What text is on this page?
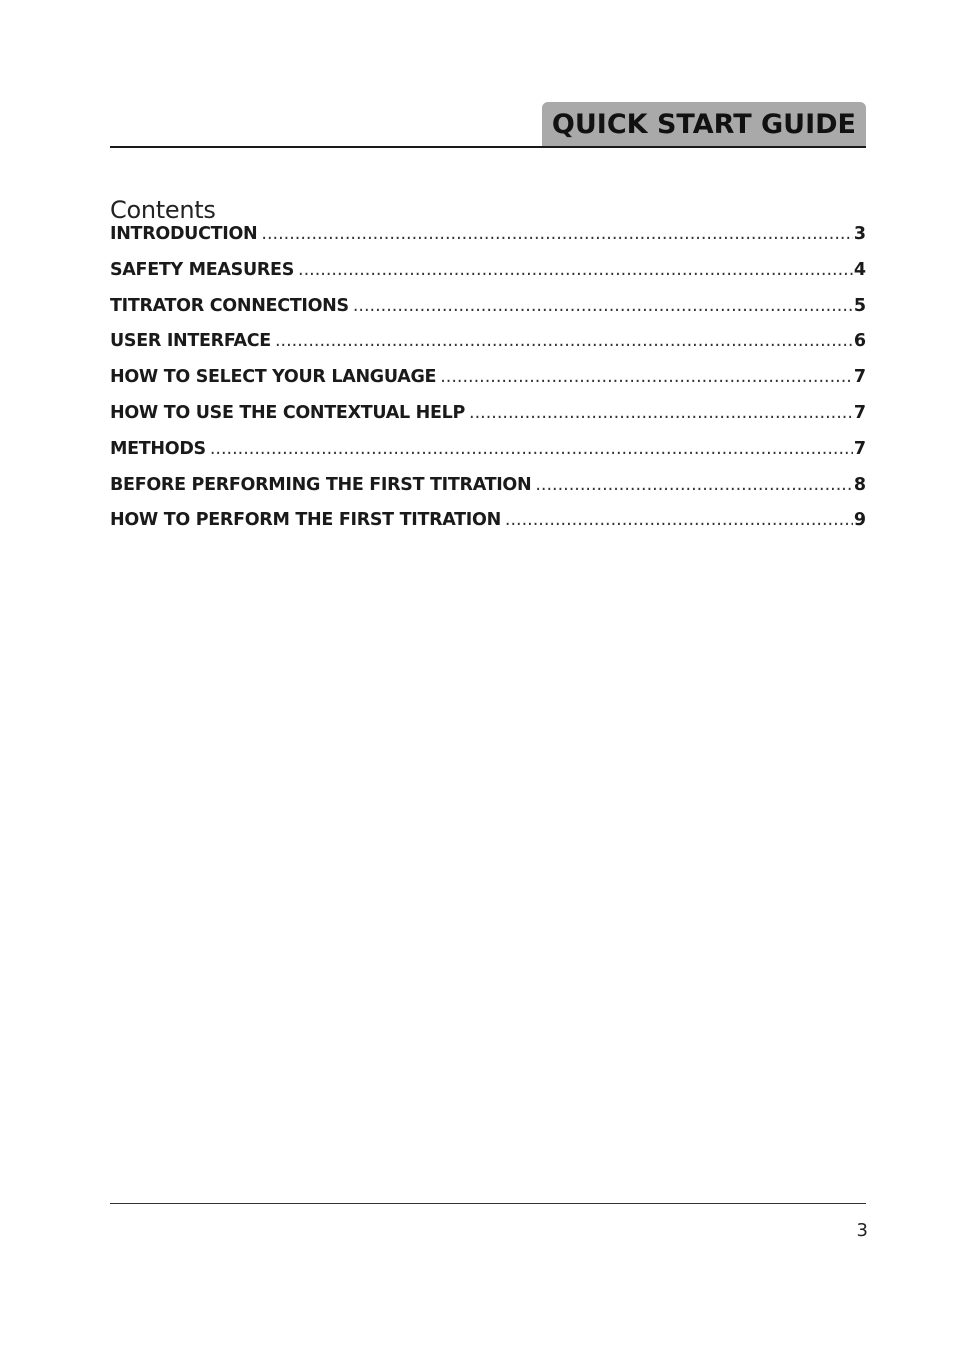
QUICK START GUIDE
Contents
INTRODUCTION .....	3
SAFETY MEASURES .....	4
TITRATOR CONNECTIONS .....	5
USER INTERFACE .....	6
HOW TO SELECT YOUR LANGUAGE .....	7
HOW TO USE THE CONTEXTUAL HELP .....	7
METHODS .....	7
BEFORE PERFORMING THE FIRST TITRATION .....	8
HOW TO PERFORM THE FIRST TITRATION .....	9
3
